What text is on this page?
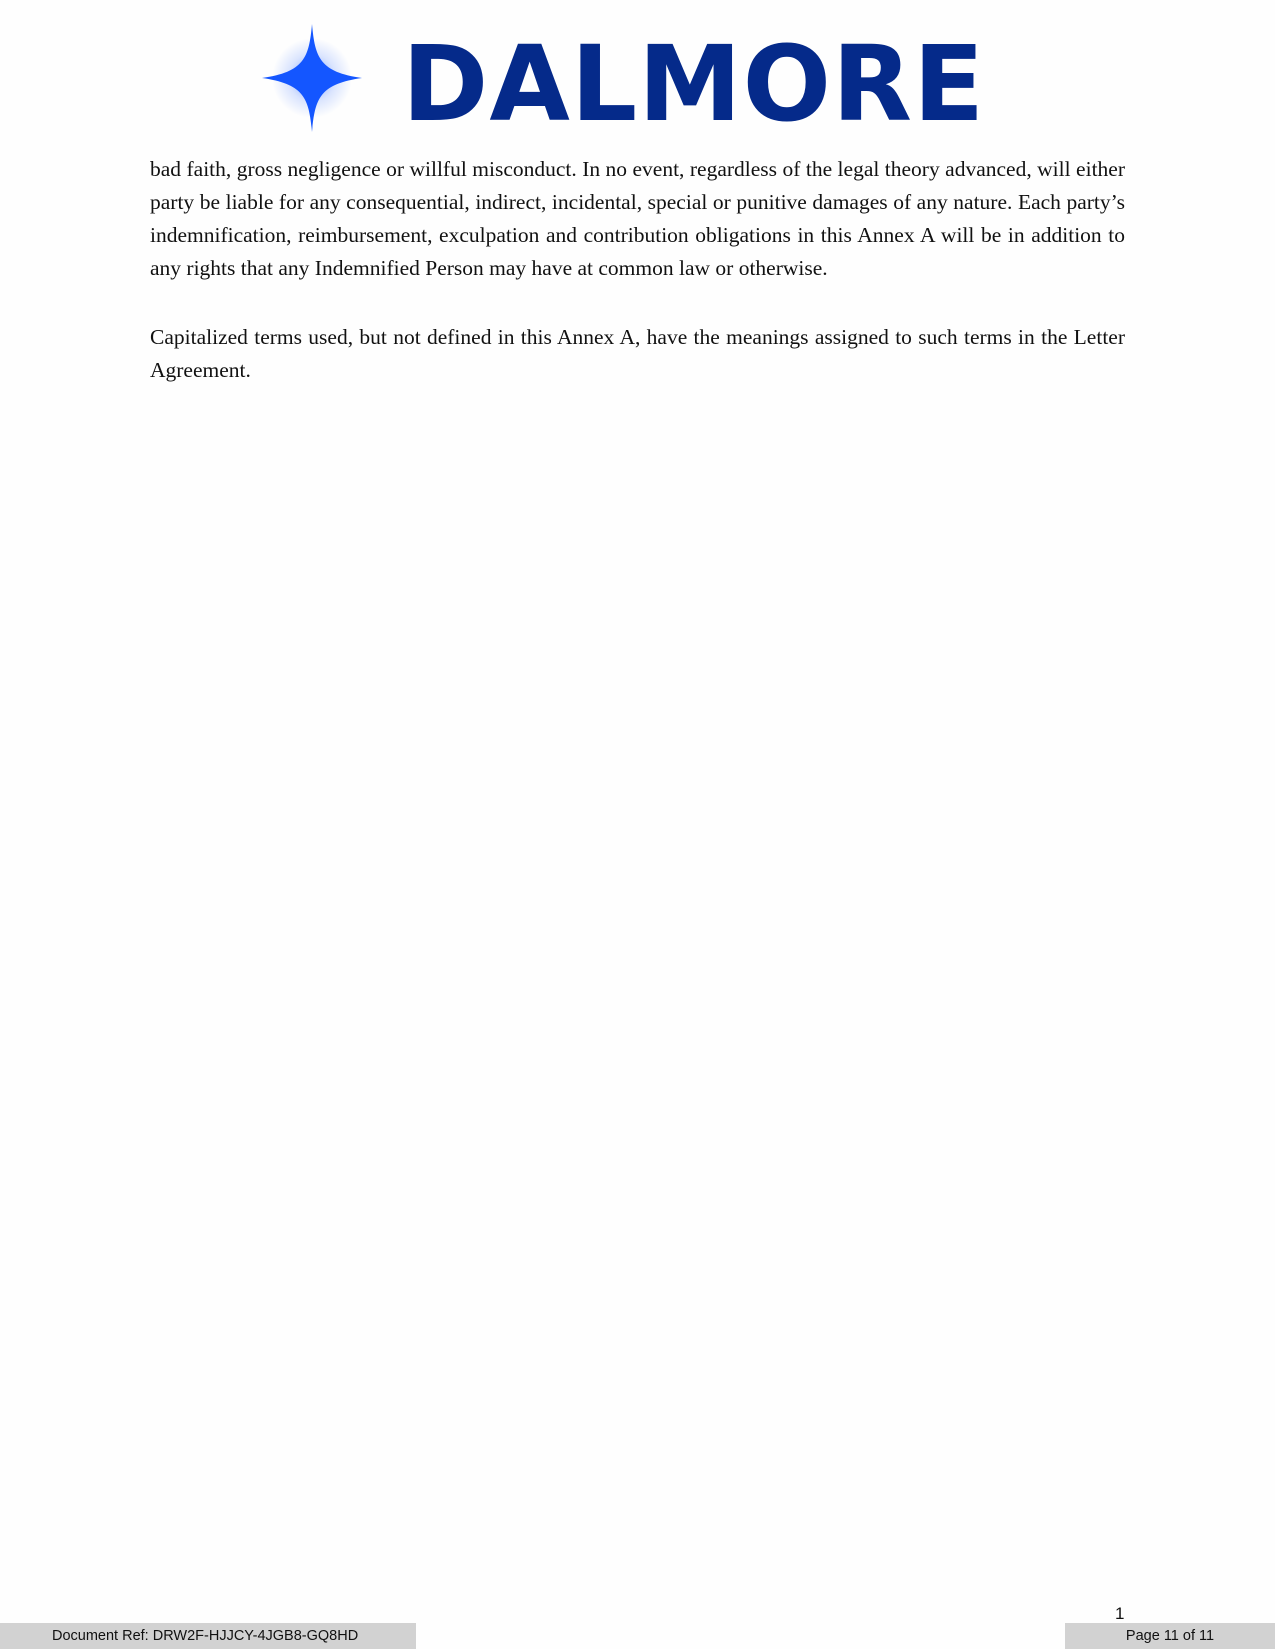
DALMORE

bad faith, gross negligence or willful misconduct. In no event, regardless of the legal theory advanced, will either party be liable for any consequential, indirect, incidental, special or punitive damages of any nature. Each party’s indemnification, reimbursement, exculpation and contribution obligations in this Annex A will be in addition to any rights that any Indemnified Person may have at common law or otherwise.

Capitalized terms used, but not defined in this Annex A, have the meanings assigned to such terms in the Letter Agreement.

1
Document Ref: DRW2F-HJJCY-4JGB8-GQ8HD	Page 11 of 11
